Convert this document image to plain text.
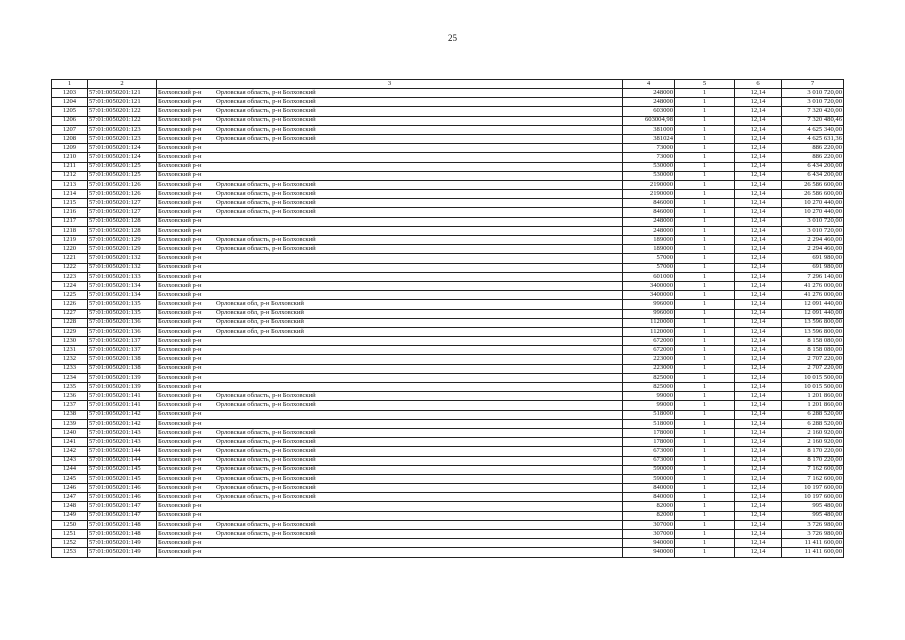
25
1	2	3	4	5	6	7
1203	57:01:0050201:121	Болховский р-н Орловская область, р-н Болховский	248000	1	12,14	3 010 720,00
1204	57:01:0050201:121	Болховский р-н Орловская область, р-н Болховский	248000	1	12,14	3 010 720,00
1205	57:01:0050201:122	Болховский р-н Орловская область, р-н Болховский	603000	1	12,14	7 320 420,00
1206	57:01:0050201:122	Болховский р-н Орловская область, р-н Болховский	603004,98	1	12,14	7 320 480,46
1207	57:01:0050201:123	Болховский р-н Орловская область, р-н Болховский	381000	1	12,14	4 625 340,00
1208	57:01:0050201:123	Болховский р-н Орловская область, р-н Болховский	381024	1	12,14	4 625 631,36
1209	57:01:0050201:124	Болховский р-н	73000	1	12,14	886 220,00
1210	57:01:0050201:124	Болховский р-н	73000	1	12,14	886 220,00
1211	57:01:0050201:125	Болховский р-н	530000	1	12,14	6 434 200,00
1212	57:01:0050201:125	Болховский р-н	530000	1	12,14	6 434 200,00
1213	57:01:0050201:126	Болховский р-н Орловская область, р-н Болховский	2190000	1	12,14	26 586 600,00
1214	57:01:0050201:126	Болховский р-н Орловская область, р-н Болховский	2190000	1	12,14	26 586 600,00
1215	57:01:0050201:127	Болховский р-н Орловская область, р-н Болховский	846000	1	12,14	10 270 440,00
1216	57:01:0050201:127	Болховский р-н Орловская область, р-н Болховский	846000	1	12,14	10 270 440,00
1217	57:01:0050201:128	Болховский р-н	248000	1	12,14	3 010 720,00
1218	57:01:0050201:128	Болховский р-н	248000	1	12,14	3 010 720,00
1219	57:01:0050201:129	Болховский р-н Орловская область, р-н Болховский	189000	1	12,14	2 294 460,00
1220	57:01:0050201:129	Болховский р-н Орловская область, р-н Болховский	189000	1	12,14	2 294 460,00
1221	57:01:0050201:132	Болховский р-н	57000	1	12,14	691 980,00
1222	57:01:0050201:132	Болховский р-н	57000	1	12,14	691 980,00
1223	57:01:0050201:133	Болховский р-н	601000	1	12,14	7 296 140,00
1224	57:01:0050201:134	Болховский р-н	3400000	1	12,14	41 276 000,00
1225	57:01:0050201:134	Болховский р-н	3400000	1	12,14	41 276 000,00
1226	57:01:0050201:135	Болховский р-н Орловская обл, р-н Болховский	996000	1	12,14	12 091 440,00
1227	57:01:0050201:135	Болховский р-н Орловская обл, р-н Болховский	996000	1	12,14	12 091 440,00
1228	57:01:0050201:136	Болховский р-н Орловская обл, р-н Болховский	1120000	1	12,14	13 596 800,00
1229	57:01:0050201:136	Болховский р-н Орловская обл, р-н Болховский	1120000	1	12,14	13 596 800,00
1230	57:01:0050201:137	Болховский р-н	672000	1	12,14	8 158 080,00
1231	57:01:0050201:137	Болховский р-н	672000	1	12,14	8 158 080,00
1232	57:01:0050201:138	Болховский р-н	223000	1	12,14	2 707 220,00
1233	57:01:0050201:138	Болховский р-н	223000	1	12,14	2 707 220,00
1234	57:01:0050201:139	Болховский р-н	825000	1	12,14	10 015 500,00
1235	57:01:0050201:139	Болховский р-н	825000	1	12,14	10 015 500,00
1236	57:01:0050201:141	Болховский р-н Орловская область, р-н Болховский	99000	1	12,14	1 201 860,00
1237	57:01:0050201:141	Болховский р-н Орловская область, р-н Болховский	99000	1	12,14	1 201 860,00
1238	57:01:0050201:142	Болховский р-н	518000	1	12,14	6 288 520,00
1239	57:01:0050201:142	Болховский р-н	518000	1	12,14	6 288 520,00
1240	57:01:0050201:143	Болховский р-н Орловская область, р-н Болховский	178000	1	12,14	2 160 920,00
1241	57:01:0050201:143	Болховский р-н Орловская область, р-н Болховский	178000	1	12,14	2 160 920,00
1242	57:01:0050201:144	Болховский р-н Орловская область, р-н Болховский	673000	1	12,14	8 170 220,00
1243	57:01:0050201:144	Болховский р-н Орловская область, р-н Болховский	673000	1	12,14	8 170 220,00
1244	57:01:0050201:145	Болховский р-н Орловская область, р-н Болховский	590000	1	12,14	7 162 600,00
1245	57:01:0050201:145	Болховский р-н Орловская область, р-н Болховский	590000	1	12,14	7 162 600,00
1246	57:01:0050201:146	Болховский р-н Орловская область, р-н Болховский	840000	1	12,14	10 197 600,00
1247	57:01:0050201:146	Болховский р-н Орловская область, р-н Болховский	840000	1	12,14	10 197 600,00
1248	57:01:0050201:147	Болховский р-н	82000	1	12,14	995 480,00
1249	57:01:0050201:147	Болховский р-н	82000	1	12,14	995 480,00
1250	57:01:0050201:148	Болховский р-н Орловская область, р-н Болховский	307000	1	12,14	3 726 980,00
1251	57:01:0050201:148	Болховский р-н Орловская область, р-н Болховский	307000	1	12,14	3 726 980,00
1252	57:01:0050201:149	Болховский р-н	940000	1	12,14	11 411 600,00
1253	57:01:0050201:149	Болховский р-н	940000	1	12,14	11 411 600,00
